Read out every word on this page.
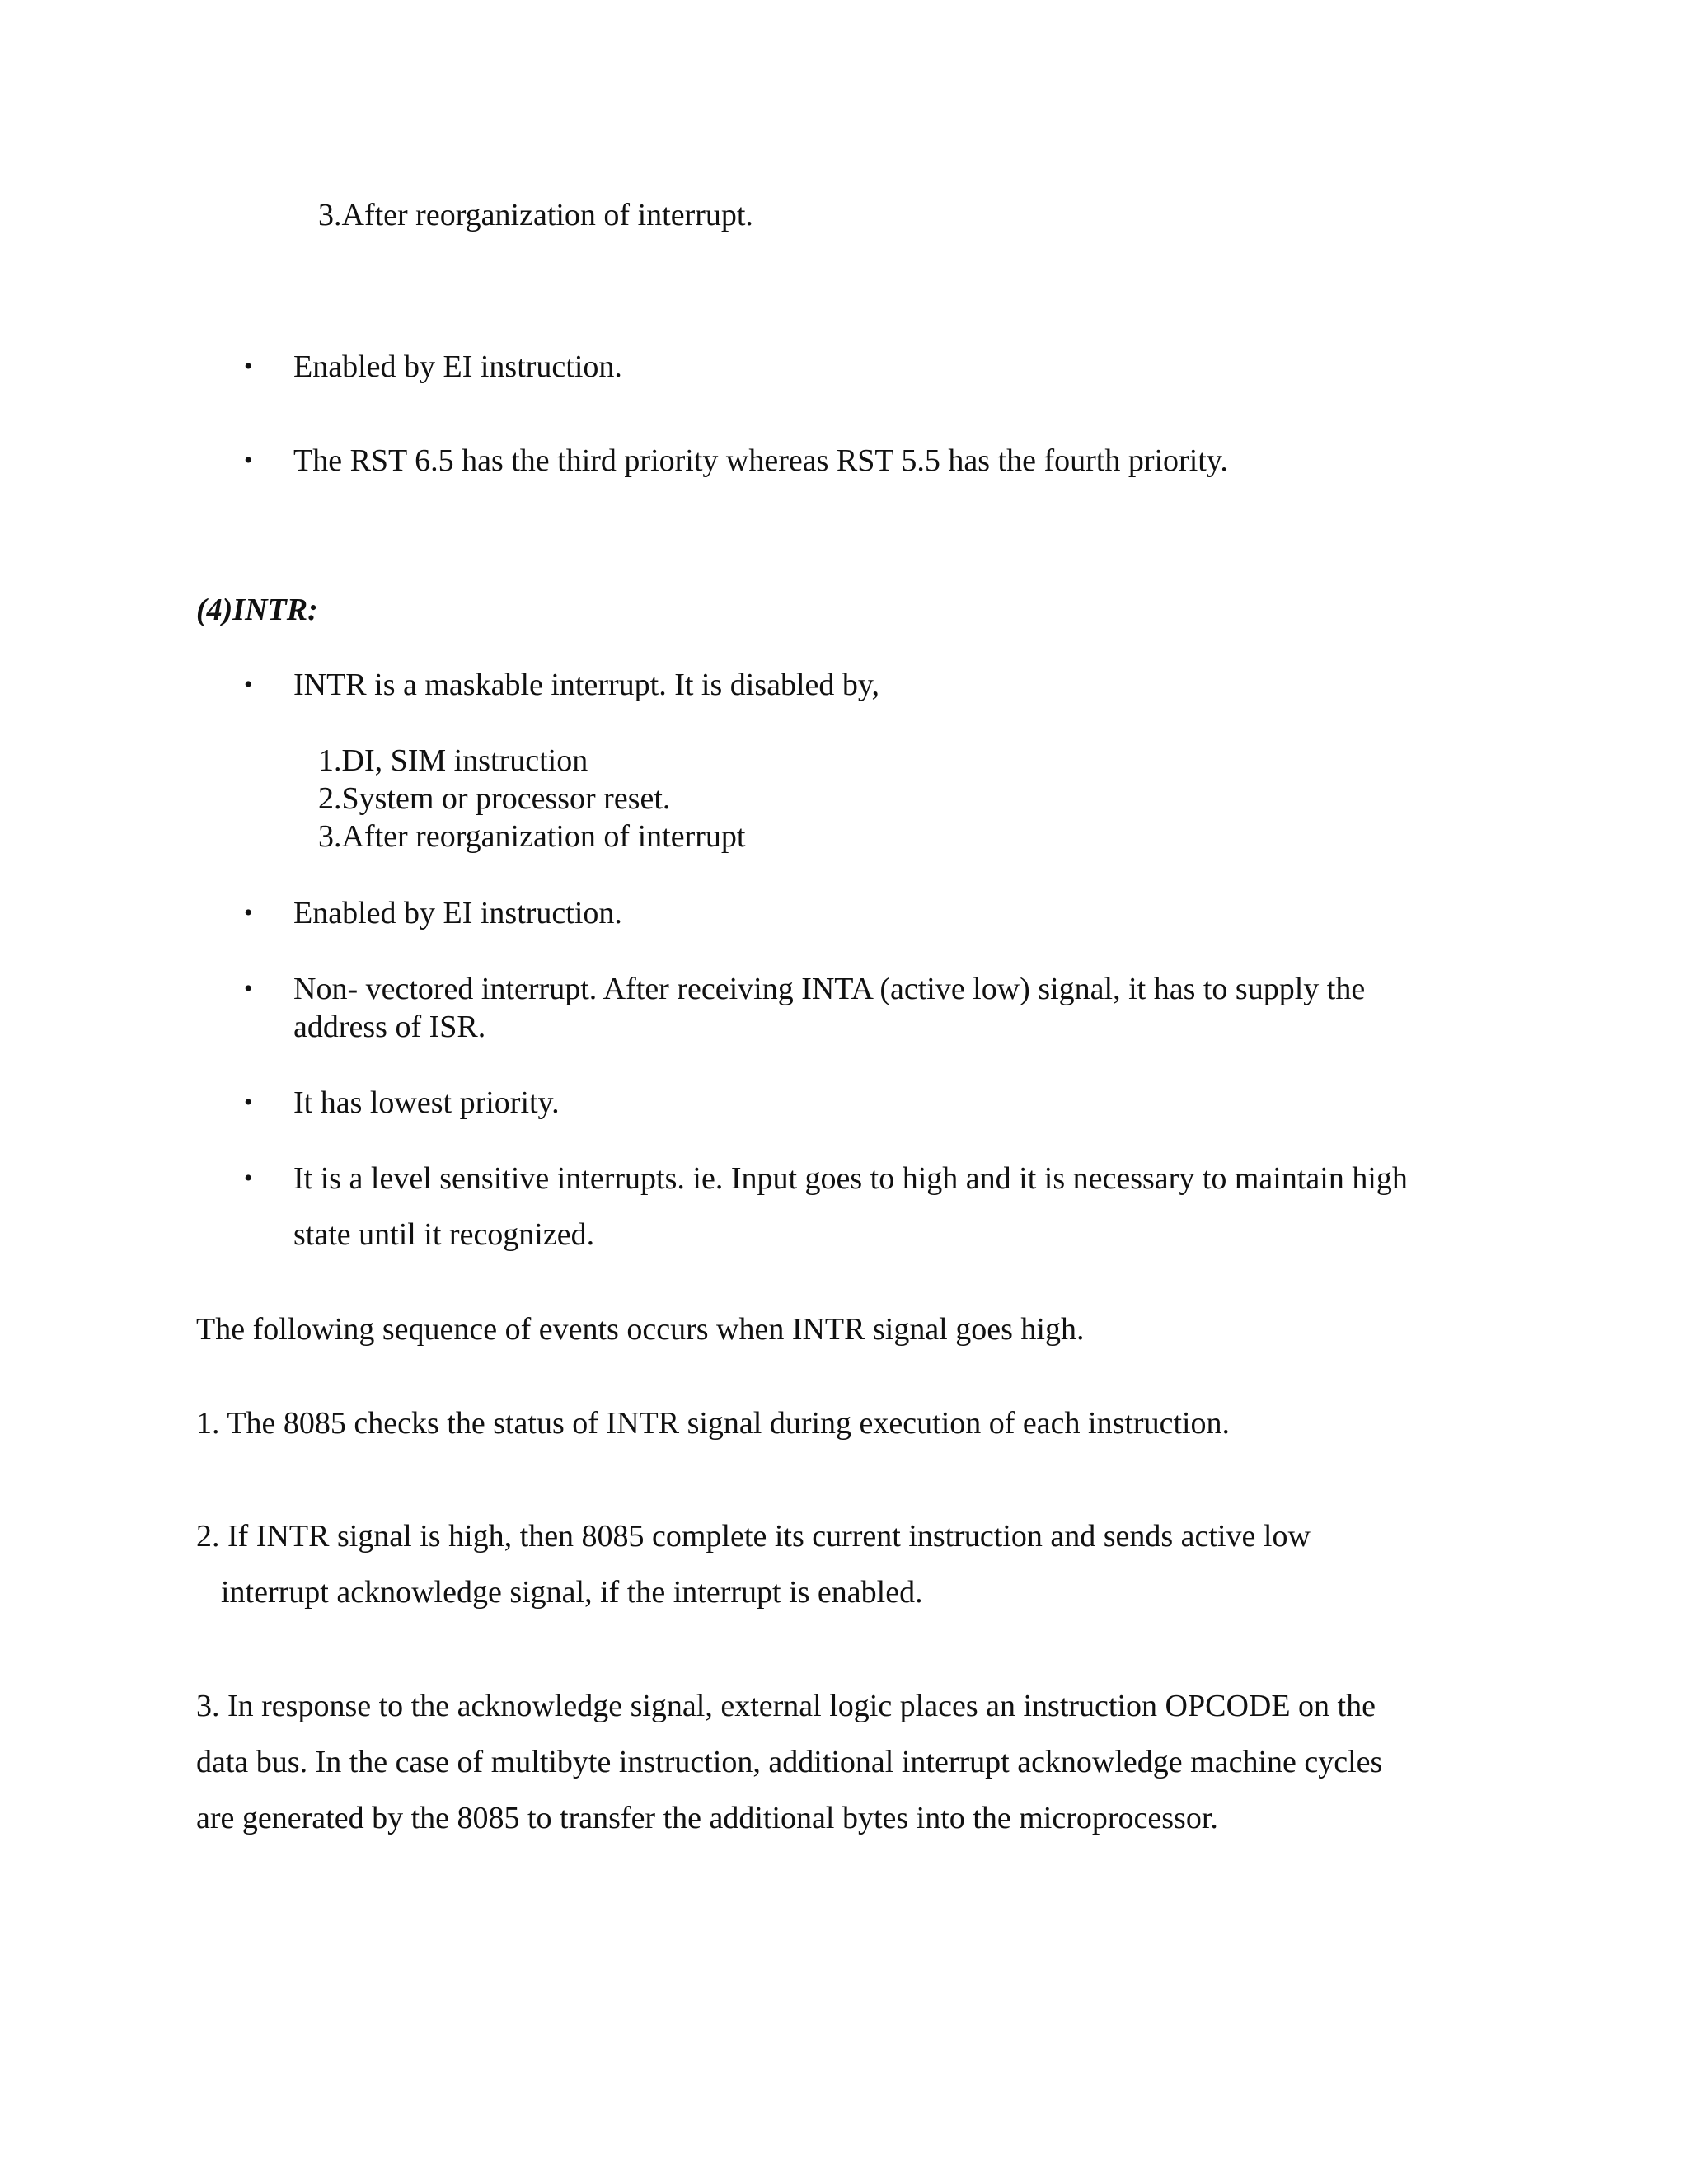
3.After reorganization of interrupt.

• Enabled by EI instruction.

• The RST 6.5 has the third priority whereas RST 5.5 has the fourth priority.

(4)INTR:

• INTR is a maskable interrupt. It is disabled by,

1.DI, SIM instruction

2.System or processor reset.

3.After reorganization of interrupt

• Enabled by EI instruction.

• Non- vectored interrupt. After receiving INTA (active low) signal, it has to supply the

address of ISR.

• It has lowest priority.

• It is a level sensitive interrupts. ie. Input goes to high and it is necessary to maintain high

state until it recognized.

The following sequence of events occurs when INTR signal goes high.

1. The 8085 checks the status of INTR signal during execution of each instruction.

2. If INTR signal is high, then 8085 complete its current instruction and sends active low

interrupt acknowledge signal, if the interrupt is enabled.

3. In response to the acknowledge signal, external logic places an instruction OPCODE on the

data bus. In the case of multibyte instruction, additional interrupt acknowledge machine cycles

are generated by the 8085 to transfer the additional bytes into the microprocessor.
